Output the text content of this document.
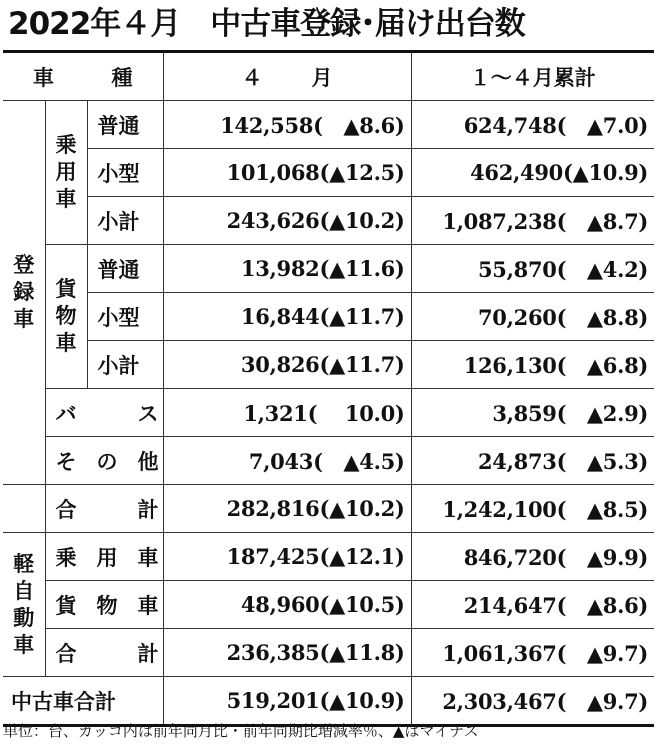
2022年４月　中古車登録･届け出台数
車 種			４ 月	１〜４月累計
登録車	乗用車	普通	142,558(　▲8.6)	624,748(　▲7.0)
		小型	101,068(▲12.5)	462,490(▲10.9)
		小計	243,626(▲10.2)	1,087,238(　▲8.7)
	貨物車	普通	13,982(▲11.6)	55,870(　▲4.2)
		小型	16,844(▲11.7)	70,260(　▲8.8)
		小計	30,826(▲11.7)	126,130(　▲6.8)

	バ ス		1,321(　 10.0)	3,859(　▲2.9)

	そ の 他		7,043(　▲4.5)	24,873(　▲5.3)

	合 計		282,816(▲10.2)	1,242,100(　▲8.5)
軽自動車	乗 用 車		187,425(▲12.1)	846,720(　▲9.9)

	貨 物 車		48,960(▲10.5)	214,647(　▲8.6)

	合 計		236,385(▲11.8)	1,061,367(　▲9.7)
中古車合計			519,201(▲10.9)	2,303,467(　▲9.7)
単位：台、カッコ内は前年同月比・前年同期比増減率％、▲はマイナス
